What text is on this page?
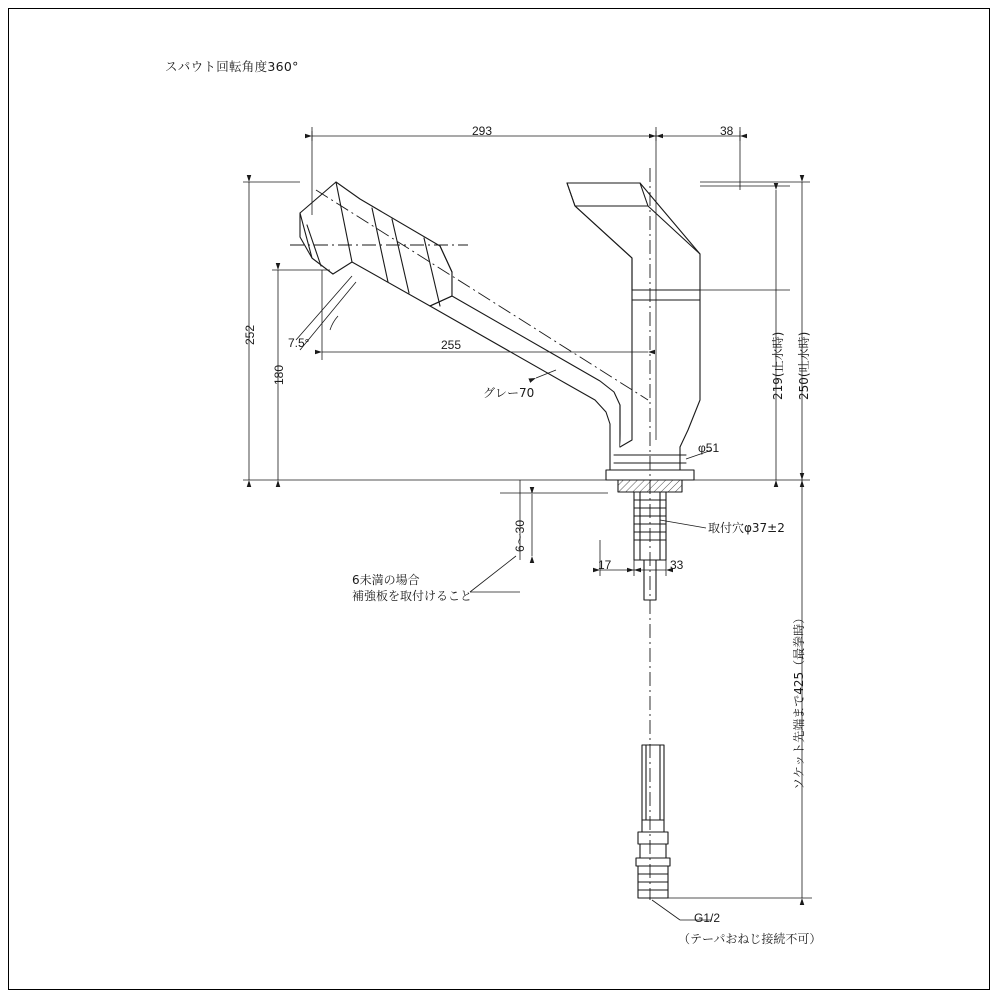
スパウト回転角度360°
293	38
252
180
7.5°	255
グレー70	219(止水時) 250(吐水時)
φ51
6～30
6未満の場合
補強板を取付けること
取付穴φ37±2
17	33
ソケット先端まで425（最拳時）
G1/2
（テーパおねじ接続不可）
